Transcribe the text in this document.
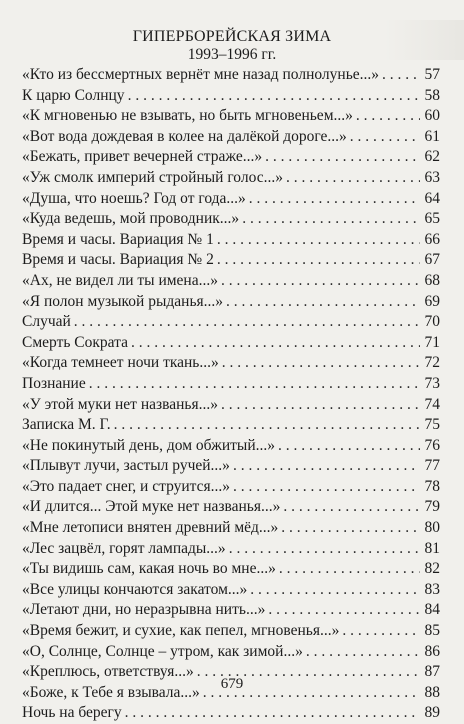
ГИПЕРБОРЕЙСКАЯ ЗИМА
1993–1996 гг.
«Кто из бессмертных вернёт мне назад полнолунье...» . . .	57
К царю Солнцу . . .	58
«К мгновенью не взывать, но быть мгновеньем...» . . .	60
«Вот вода дождевая в колее на далёкой дороге...» . . .	61
«Бежать, привет вечерней страже...» . . .	62
«Уж смолк империй стройный голос...» . . .	63
«Душа, что ноешь? Год от года...» . . .	64
«Куда ведешь, мой проводник...» . . .	65
Время и часы. Вариация № 1 . . .	66
Время и часы. Вариация № 2 . . .	67
«Ах, не видел ли ты имена...» . . .	68
«Я полон музыкой рыданья...» . . .	69
Случай . . .	70
Смерть Сократа . . .	71
«Когда темнеет ночи ткань...» . . .	72
Познание . . .	73
«У этой муки нет названья...» . . .	74
Записка М. Г. . . .	75
«Не покинутый день, дом обжитый...» . . .	76
«Плывут лучи, застыл ручей...» . . .	77
«Это падает снег, и струится...» . . .	78
«И длится... Этой муке нет названья...» . . .	79
«Мне летописи внятен древний мёд...» . . .	80
«Лес зацвёл, горят лампады...» . . .	81
«Ты видишь сам, какая ночь во мне...» . . .	82
«Все улицы кончаются закатом...» . . .	83
«Летают дни, но неразрывна нить...» . . .	84
«Время бежит, и сухие, как пепел, мгновенья...» . . .	85
«О, Солнце, Солнце – утром, как зимой...» . . .	86
«Креплюсь, ответствуя...» . . .	87
«Боже, к Тебе я взывала...» . . .	88
Ночь на берегу . . .	89
679
